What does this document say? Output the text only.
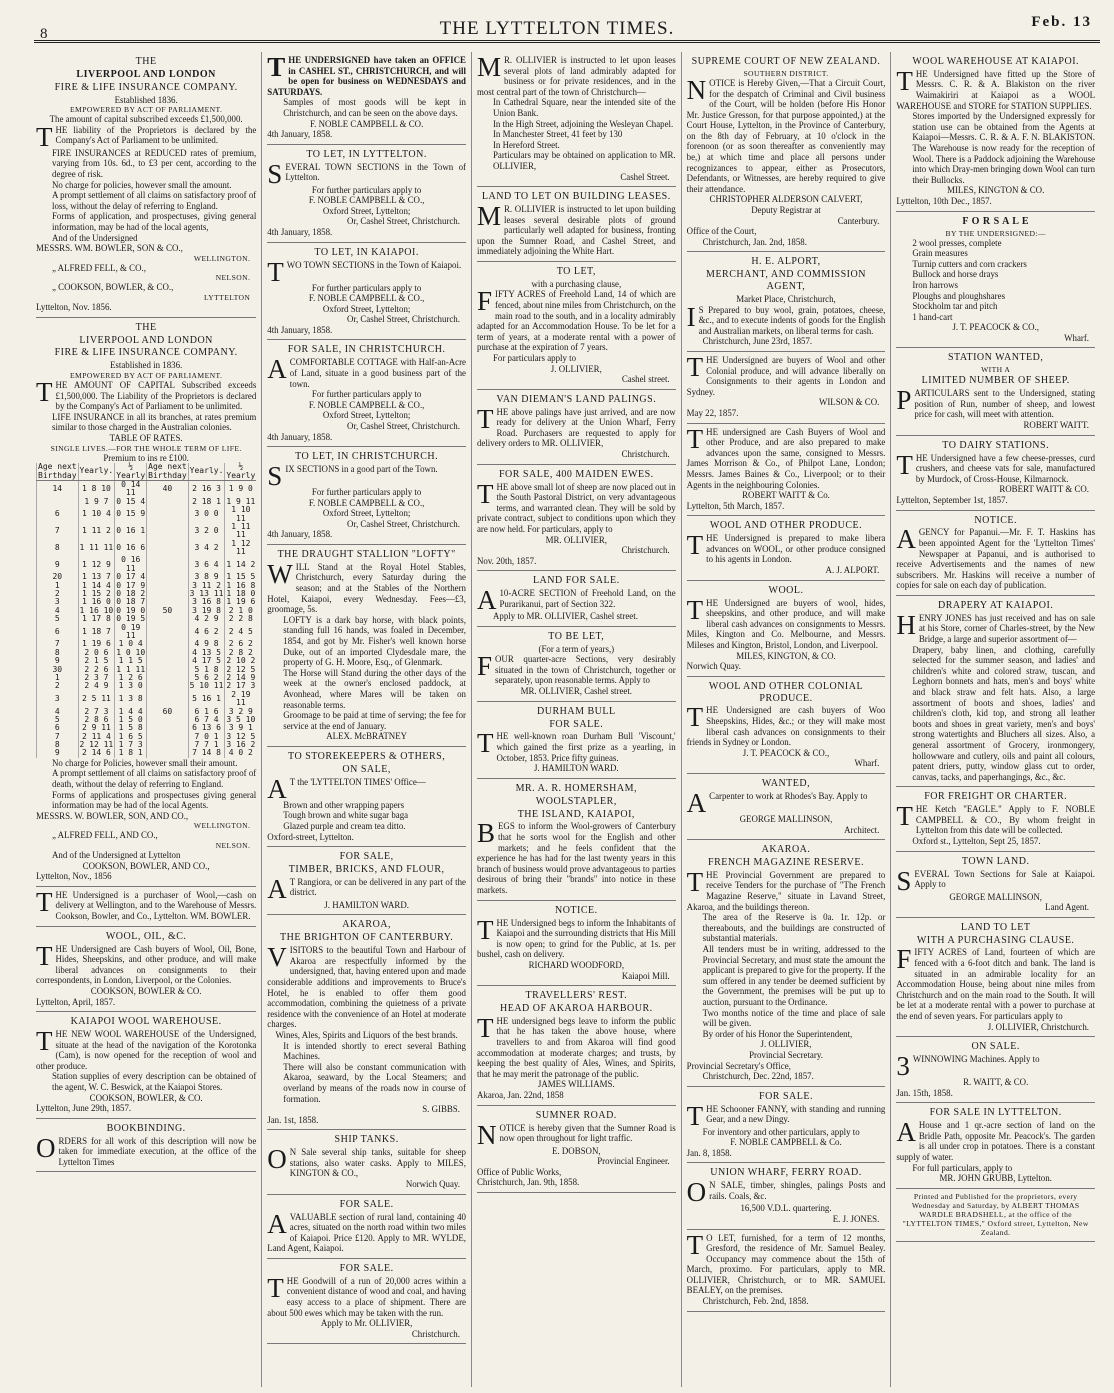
8	THE LYTTELTON TIMES.	Feb. 13
THE
LIVERPOOL AND LONDON
FIRE & LIFE INSURANCE COMPANY.
Established 1836.
EMPOWERED BY ACT OF PARLIAMENT.
The amount of capital subscribed exceeds £1,500,000.
THE liability of the Proprietors is declared by the Company's Act of Parliament to be unlimited.
FIRE INSURANCES at REDUCED rates of premium, varying from 10s. 6d., to £3 per cent, according to the degree of risk.
No charge for policies, however small the amount.
A prompt settlement of all claims on satisfactory proof of loss, without the delay of referring to England.
Forms of application, and prospectuses, giving general information, may be had of the local agents,
And of the Undersigned
MESSRS. WM. BOWLER, SON & CO.,
WELLINGTON.
„ ALFRED FELL, & CO.,
NELSON.
„ COOKSON, BOWLER, & CO.,
LYTTELTON
Lyttelton, Nov. 1856.
THE
LIVERPOOL AND LONDON
FIRE & LIFE INSURANCE COMPANY.
Established in 1836.
EMPOWERED BY ACT OF PARLIAMENT.
THE AMOUNT OF CAPITAL Subscribed exceeds £1,500,000. The Liability of the Proprietors is declared by the Company's Act of Parliament to be unlimited.
LIFE INSURANCE in all its branches, at rates premium similar to those charged in the Australian colonies.
TABLE OF RATES.
SINGLE LIVES.—FOR THE WHOLE TERM OF LIFE.
Premium to ins re £100.
Age next Birthday	Yearly.	½ Yearly	Age next Birthday	Yearly.	½ Yearly
14	1 8 10	0 14 11	40	2 16 3	1 9 0
	1 9 7	0 15 4		2 18 1	1 9 11
6	1 10 4	0 15 9		3 0 0	1 10 11
7	1 11 2	0 16 1		3 2 0	1 11 11
8	1 11 11	0 16 6		3 4 2	1 12 11
9	1 12 9	0 16 11		3 6 4	1 14 2
20	1 13 7	0 17 4		3 8 9	1 15 5
1	1 14 4	0 17 9		3 11 2	1 16 8
2	1 15 2	0 18 2		3 13 11	1 18 0
3	1 16 0	0 18 7		3 16 8	1 19 6
4	1 16 10	0 19 0	50	3 19 8	2 1 0
5	1 17 8	0 19 5		4 2 9	2 2 8
6	1 18 7	0 19 11		4 6 2	2 4 5
7	1 19 6	1 0 4		4 9 8	2 6 2
8	2 0 6	1 0 10		4 13 5	2 8 2
9	2 1 5	1 1 5		4 17 5	2 10 2
30	2 2 6	1 1 11		5 1 8	2 12 5
1	2 3 7	1 2 6		5 6 2	2 14 9
2	2 4 9	1 3 0		5 10 11	2 17 3
3	2 5 11	1 3 8		5 16 1	2 19 11
4	2 7 3	1 4 4	60	6 1 6	3 2 9
5	2 8 6	1 5 0		6 7 4	3 5 10
6	2 9 11	1 5 8		6 13 6	3 9 1
7	2 11 4	1 6 5		7 0 1	3 12 5
8	2 12 11	1 7 3		7 7 1	3 16 2
9	2 14 6	1 8 1		7 14 8	4 0 2
No charge for Policies, however small their amount.
A prompt settlement of all claims on satisfactory proof of death, without the delay of referring to England.
Forms of applications and prospectuses giving general information may be had of the local Agents.
MESSRS. W. BOWLER, SON, AND CO.,
WELLINGTON.
„ ALFRED FELL, AND CO.,
NELSON.
And of the Undersigned at Lyttelton
COOKSON, BOWLER, AND CO.,
Lyttelton, Nov., 1856
THE Undersigned is a purchaser of Wool,—cash on delivery at Wellington, and to the Warehouse of Messrs. Cookson, Bowler, and Co., Lyttelton. WM. BOWLER.
WOOL, OIL, &C.
THE Undersigned are Cash buyers of Wool, Oil, Bone, Hides, Sheepskins, and other produce, and will make liberal advances on consignments to their correspondents, in London, Liverpool, or the Colonies.
COOKSON, BOWLER & CO.
Lyttelton, April, 1857.
KAIAPOI WOOL WAREHOUSE.
THE NEW WOOL WAREHOUSE of the Undersigned, situate at the head of the navigation of the Korotonka (Cam), is now opened for the reception of wool and other produce.
Station supplies of every description can be obtained of the agent, W. C. Beswick, at the Kaiapoi Stores.
COOKSON, BOWLER, & CO.
Lyttelton, June 29th, 1857.
BOOKBINDING.
ORDERS for all work of this description will now be taken for immediate execution, at the office of the Lyttelton Times
THE UNDERSIGNED have taken an OFFICE in CASHEL ST., CHRISTCHURCH, and will be open for business on WEDNESDAYS and SATURDAYS.
Samples of most goods will be kept in Christchurch, and can be seen on the above days.
F. NOBLE CAMPBELL & CO.
4th January, 1858.
TO LET, IN LYTTELTON.
SEVERAL TOWN SECTIONS in the Town of Lyttelton.
For further particulars apply to
F. NOBLE CAMPBELL & CO.,
Oxford Street, Lyttelton;
Or, Cashel Street, Christchurch.
4th January, 1858.
TO LET, IN KAIAPOI.
TWO TOWN SECTIONS in the Town of Kaiapoi.
For further particulars apply to
F. NOBLE CAMPBELL & CO.,
Oxford Street, Lyttelton;
Or, Cashel Street, Christchurch.
4th January, 1858.
FOR SALE, IN CHRISTCHURCH.
A COMFORTABLE COTTAGE with Half-an-Acre of Land, situate in a good business part of the town.
For further particulars apply to
F. NOBLE CAMPBELL & CO.,
Oxford Street, Lyttelton;
Or, Cashel Street, Christchurch.
4th January, 1858.
TO LET, IN CHRISTCHURCH.
SIX SECTIONS in a good part of the Town.
For further particulars apply to
F. NOBLE CAMPBELL & CO.,
Oxford Street, Lyttelton;
Or, Cashel Street, Christchurch.
4th January, 1858.
THE DRAUGHT STALLION "LOFTY"
WILL Stand at the Royal Hotel Stables, Christchurch, every Saturday during the season; and at the Stables of the Northern Hotel, Kaiapoi, every Wednesday. Fees—£3, groomage, 5s.
LOFTY is a dark bay horse, with black points, standing full 16 hands, was foaled in December, 1854, and got by Mr. Fisher's well known horse Duke, out of an imported Clydesdale mare, the property of G. H. Moore, Esq., of Glenmark.
The Horse will Stand during the other days of the week at the owner's enclosed paddock, at Avonhead, where Mares will be taken on reasonable terms.
Groomage to be paid at time of serving; the fee for service at the end of January.
ALEX. McBRATNEY
TO STOREKEEPERS & OTHERS,
ON SALE,
A T the 'LYTTELTON TIMES' Office—
Brown and other wrapping papers
Tough brown and white sugar baga
Glazed purple and cream tea ditto.
Oxford-street, Lyttelton.
FOR SALE,
TIMBER, BRICKS, AND FLOUR,
A T Rangiora, or can be delivered in any part of the district.
J. HAMILTON WARD.
AKAROA,
THE BRIGHTON OF CANTERBURY.
VISITORS to the beautiful Town and Harbour of Akaroa are respectfully informed by the undersigned, that, having entered upon and made considerable additions and improvements to Bruce's Hotel, he is enabled to offer them good accommodation, combining the quietness of a private residence with the convenience of an Hotel at moderate charges.
Wines, Ales, Spirits and Liquors of the best brands.
It is intended shortly to erect several Bathing Machines.
There will also be constant communication with Akaroa, seaward, by the Local Steamers; and overland by means of the roads now in course of formation.
S. GIBBS.
Jan. 1st, 1858.
SHIP TANKS.
O N Sale several ship tanks, suitable for sheep stations, also water casks. Apply to MILES, KINGTON & CO.,
Norwich Quay.
FOR SALE.
A VALUABLE section of rural land, containing 40 acres, situated on the north road within two miles of Kaiapoi. Price £120. Apply to MR. WYLDE, Land Agent, Kaiapoi.
FOR SALE.
THE Goodwill of a run of 20,000 acres within a convenient distance of wood and coal, and having easy access to a place of shipment. There are about 500 ewes which may be taken with the run.
Apply to Mr. OLLIVIER,
Christchurch.
M R. OLLIVIER is instructed to let upon leases several plots of land admirably adapted for business or for private residences, and in the most central part of the town of Christchurch—
In Cathedral Square, near the intended site of the Union Bank.
In the High Street, adjoining the Wesleyan Chapel.
In Manchester Street, 41 feet by 130
In Hereford Street.
Particulars may be obtained on application to MR. OLLIVIER,
Cashel Street.
LAND TO LET ON BUILDING LEASES.
M R. OLLIVIER is instructed to let upon building leases several desirable plots of ground particularly well adapted for business, fronting upon the Sumner Road, and Cashel Street, and immediately adjoining the White Hart.
TO LET,
with a purchasing clause,
FIFTY ACRES of Freehold Land, 14 of which are fenced, about nine miles from Christchurch, on the main road to the south, and in a locality admirably adapted for an Accommodation House. To be let for a term of years, at a moderate rental with a power of purchase at the expiration of 7 years.
For particulars apply to
J. OLLIVIER,
Cashel street.
VAN DIEMAN'S LAND PALINGS.
THE above palings have just arrived, and are now ready for delivery at the Union Wharf, Ferry Road. Purchasers are requested to apply for delivery orders to MR. OLLIVIER,
Christchurch.
FOR SALE, 400 MAIDEN EWES.
THE above small lot of sheep are now placed out in the South Pastoral District, on very advantageous terms, and warranted clean. They will be sold by private contract, subject to conditions upon which they are now held. For particulars, apply to
MR. OLLIVIER,
Christchurch.
Nov. 20th, 1857.
LAND FOR SALE.
A 10-ACRE SECTION of Freehold Land, on the Purarikanui, part of Section 322.
Apply to MR. OLLIVIER, Cashel street.
TO BE LET,
(For a term of years,)
FOUR quarter-acre Sections, very desirably situated in the town of Christchurch, together or separately, upon reasonable terms. Apply to
MR. OLLIVIER, Cashel street.
DURHAM BULL
FOR SALE.
THE well-known roan Durham Bull 'Viscount,' which gained the first prize as a yearling, in October, 1853. Price fifty guineas.
J. HAMILTON WARD.
MR. A. R. HOMERSHAM,
WOOLSTAPLER,
THE ISLAND, KAIAPOI,
BEGS to inform the Wool-growers of Canterbury that he sorts wool for the English and other markets; and he feels confident that the experience he has had for the last twenty years in this branch of business would prove advantageous to parties desirous of bring their "brands" into notice in these markets.
NOTICE.
THE Undersigned begs to inform the Inhabitants of Kaiapoi and the surrounding districts that His Mill is now open; to grind for the Public, at 1s. per bushel, cash on delivery.
RICHARD WOODFORD,
Kaiapoi Mill.
TRAVELLERS' REST.
HEAD OF AKAROA HARBOUR.
THE undersigned begs leave to inform the public that he has taken the above house, where travellers to and from Akaroa will find good accommodation at moderate charges; and trusts, by keeping the best quality of Ales, Wines, and Spirits, that he may merit the patronage of the public.
JAMES WILLIAMS.
Akaroa, Jan. 22nd, 1858
SUMNER ROAD.
NOTICE is hereby given that the Sumner Road is now open throughout for light traffic.
E. DOBSON,
Provincial Engineer.
Office of Public Works,
Christchurch, Jan. 9th, 1858.
SUPREME COURT OF NEW ZEALAND.
SOUTHERN DISTRICT.
NOTICE is Hereby Given,—That a Circuit Court, for the despatch of Criminal and Civil business of the Court, will be holden (before His Honor Mr. Justice Gresson, for that purpose appointed,) at the Court House, Lyttelton, in the Province of Canterbury, on the 8th day of February, at 10 o'clock in the forenoon (or as soon thereafter as conveniently may be,) at which time and place all persons under recognizances to appear, either as Prosecutors, Defendants, or Witnesses, are hereby required to give their attendance.
CHRISTOPHER ALDERSON CALVERT,
Deputy Registrar at
Canterbury.
Office of the Court,
Christchurch, Jan. 2nd, 1858.
H. E. ALPORT,
MERCHANT, AND COMMISSION AGENT,
Market Place, Christchurch,
I S Prepared to buy wool, grain, potatoes, cheese, &c., and to execute indents of goods for the English and Australian markets, on liberal terms for cash.
Christchurch, June 23rd, 1857.
THE Undersigned are buyers of Wool and other Colonial produce, and will advance liberally on Consignments to their agents in London and Sydney.
WILSON & CO.
May 22, 1857.
THE undersigned are Cash Buyers of Wool and other Produce, and are also prepared to make advances upon the same, consigned to Messrs. James Morrison & Co., of Philpot Lane, London; Messrs. James Baines & Co., Liverpool; or to their Agents in the neighbouring Colonies.
ROBERT WAITT & Co.
Lyttelton, 5th March, 1857.
WOOL AND OTHER PRODUCE.
THE Undersigned is prepared to make libera advances on WOOL, or other produce consigned to his agents in London.
A. J. ALPORT.
WOOL.
THE Undersigned are buyers of wool, hides, sheepskins, and other produce, and will make liberal cash advances on consignments to Messrs. Miles, Kington and Co. Melbourne, and Messrs. Mileses and Kington, Bristol, London, and Liverpool.
MILES, KINGTON, & CO.
Norwich Quay.
WOOL AND OTHER COLONIAL PRODUCE.
THE Undersigned are cash buyers of Woo Sheepskins, Hides, &c.; or they will make most liberal cash advances on consignments to their friends in Sydney or London.
J. T. PEACOCK & CO.,
Wharf.
WANTED,
A Carpenter to work at Rhodes's Bay. Apply to
GEORGE MALLINSON,
Architect.
AKAROA.
FRENCH MAGAZINE RESERVE.
THE Provincial Government are prepared to receive Tenders for the purchase of "The French Magazine Reserve," situate in Lavand Street, Akaroa, and the buildings thereon.
The area of the Reserve is 0a. 1r. 12p. or thereabouts, and the buildings are constructed of substantial materials.
All tenders must be in writing, addressed to the Provincial Secretary, and must state the amount the applicant is prepared to give for the property. If the sum offered in any tender be deemed sufficient by the Government, the premises will be put up to auction, pursuant to the Ordinance.
Two months notice of the time and place of sale will be given.
By order of his Honor the Superintendent,
J. OLLIVIER,
Provincial Secretary.
Provincial Secretary's Office,
Christchurch, Dec. 22nd, 1857.
FOR SALE.
THE Schooner FANNY, with standing and running Gear, and a new Dingy.
For inventory and other particulars, apply to
F. NOBLE CAMPBELL & Co.
Jan. 8, 1858.
UNION WHARF, FERRY ROAD.
O N SALE, timber, shingles, palings Posts and rails. Coals, &c.
16,500 V.D.L. quartering.
E. J. JONES.
T O LET, furnished, for a term of 12 months, Gresford, the residence of Mr. Samuel Bealey. Occupancy may commence about the 15th of March, proximo. For particulars, apply to MR. OLLIVIER, Christchurch, or to MR. SAMUEL BEALEY, on the premises.
Christchurch, Feb. 2nd, 1858.
WOOL WAREHOUSE AT KAIAPOI.
THE Undersigned have fitted up the Store of Messrs. C. R. & A. Blakiston on the river Waimakiriri at Kaiapoi as a WOOL WAREHOUSE and STORE for STATION SUPPLIES.
Stores imported by the Undersigned expressly for station use can be obtained from the Agents at Kaiapoi—Messrs. C. R. & A. F. N. BLAKISTON. The Warehouse is now ready for the reception of Wool. There is a Paddock adjoining the Warehouse into which Dray-men bringing down Wool can turn their Bullocks.
MILES, KINGTON & CO.
Lyttelton, 10th Dec., 1857.
F O R S A L E
BY THE UNDERSIGNED:—
2 wool presses, complete
Grain measures
Turnip cutters and corn crackers
Bullock and horse drays
Iron harrows
Ploughs and ploughshares
Stockholm tar and pitch
1 hand-cart
J. T. PEACOCK & CO.,
Wharf.
STATION WANTED,
WITH A
LIMITED NUMBER OF SHEEP.
PARTICULARS sent to the Undersigned, stating position of Run, number of sheep, and lowest price for cash, will meet with attention.
ROBERT WAITT.
TO DAIRY STATIONS.
THE Undersigned have a few cheese-presses, curd crushers, and cheese vats for sale, manufactured by Murdock, of Cross-House, Kilmarnock.
ROBERT WAITT & CO.
Lyttelton, September 1st, 1857.
NOTICE.
AGENCY for Papanui.—Mr. F. T. Haskins has been appointed Agent for the 'Lyttelton Times' Newspaper at Papanui, and is authorised to receive Advertisements and the names of new subscribers. Mr. Haskins will receive a number of copies for sale on each day of publication.
DRAPERY AT KAIAPOI.
HENRY JONES has just received and has on sale at his Store, corner of Charles-street, by the New Bridge, a large and superior assortment of—
Drapery, baby linen, and clothing, carefully selected for the summer season, and ladies' and children's white and colored straw, tuscan, and Leghorn bonnets and hats, men's and boys' white and black straw and felt hats. Also, a large assortment of boots and shoes, ladies' and children's cloth, kid top, and strong all leather boots and shoes in great variety, men's and boys' strong watertights and Bluchers all sizes. Also, a general assortment of Grocery, ironmongery, hollowware and cutlery, oils and paint all colours, patent driers, putty, window glass cut to order, canvas, tacks, and paperhangings, &c., &c.
FOR FREIGHT OR CHARTER.
THE Ketch "EAGLE." Apply to F. NOBLE CAMPBELL & CO., By whom freight in Lyttelton from this date will be collected.
Oxford st., Lyttelton, Sept 25, 1857.
TOWN LAND.
SEVERAL Town Sections for Sale at Kaiapoi. Apply to
GEORGE MALLINSON,
Land Agent.
LAND TO LET
WITH A PURCHASING CLAUSE.
FIFTY ACRES of Land, fourteen of which are fenced with a 6-foot ditch and bank. The land is situated in an admirable locality for an Accommodation House, being about nine miles from Christchurch and on the main road to the South. It will be let at a moderate rental with a power to purchase at the end of seven years. For particulars apply to
J. OLLIVIER, Christchurch.
ON SALE.
3 WINNOWING Machines. Apply to
R. WAITT, & CO.
Jan. 15th, 1858.
FOR SALE IN LYTTELTON.
A House and 1 qr.-acre section of land on the Bridle Path, opposite Mr. Peacock's. The garden is all under crop in potatoes. There is a constant supply of water.
For full particulars, apply to
MR. JOHN GRUBB, Lyttelton.
Printed and Published for the proprietors, every Wednesday and Saturday, by ALBERT THOMAS WARDLE BRADSHELL, at the office of the "LYTTELTON TIMES," Oxford street, Lyttelton, New Zealand.
